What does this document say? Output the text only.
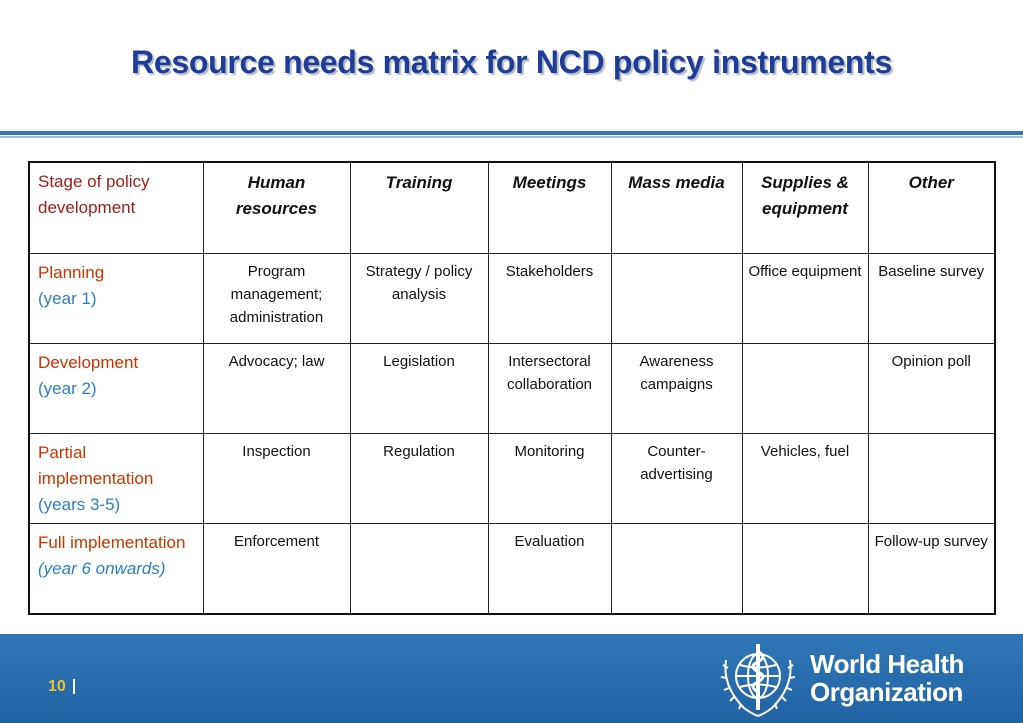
Resource needs matrix for NCD policy instruments
Stage of policy development	Human resources	Training	Meetings	Mass media	Supplies & equipment	Other

Planning
(year 1)	Program management; administration	Strategy / policy analysis	Stakeholders		Office equipment	Baseline survey

Development
(year 2)	Advocacy; law	Legislation	Intersectoral collaboration	Awareness campaigns		Opinion poll

Partial implementation
(years 3-5)	Inspection	Regulation	Monitoring	Counter-advertising	Vehicles, fuel	

Full implementation
(year 6 onwards)	Enforcement		Evaluation			Follow-up survey
10
World Health
Organization
